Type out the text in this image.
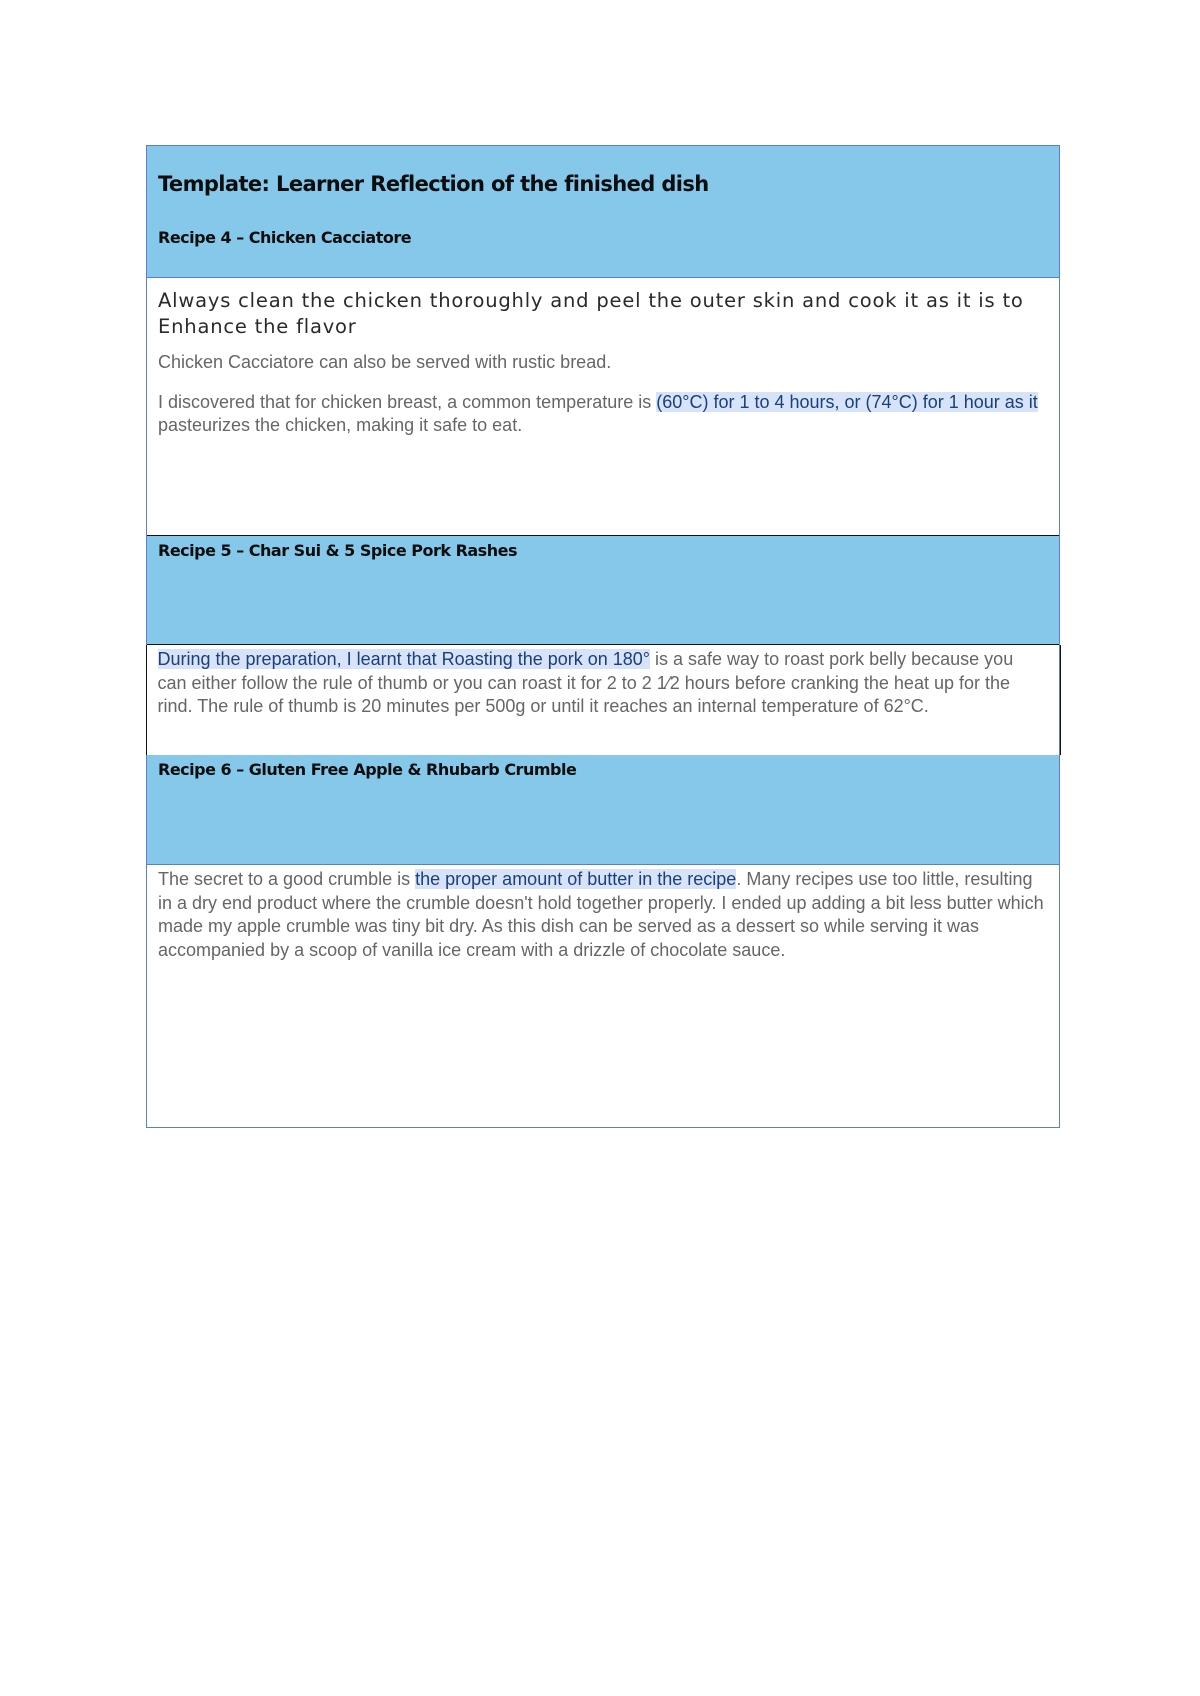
Template: Learner Reflection of the finished dish

Recipe 4 – Chicken Cacciatore

Always clean the chicken thoroughly and peel the outer skin and cook it as it is to Enhance the flavor

Chicken Cacciatore can also be served with rustic bread.

I discovered that for chicken breast, a common temperature is (60°C) for 1 to 4 hours, or (74°C) for 1 hour as it pasteurizes the chicken, making it safe to eat.

Recipe 5 – Char Sui & 5 Spice Pork Rashes

During the preparation, I learnt that Roasting the pork on 180° is a safe way to roast pork belly because you can either follow the rule of thumb or you can roast it for 2 to 2 1⁄2 hours before cranking the heat up for the rind. The rule of thumb is 20 minutes per 500g or until it reaches an internal temperature of 62°C.

Recipe 6 – Gluten Free Apple & Rhubarb Crumble

The secret to a good crumble is the proper amount of butter in the recipe. Many recipes use too little, resulting in a dry end product where the crumble doesn't hold together properly. I ended up adding a bit less butter which made my apple crumble was tiny bit dry. As this dish can be served as a dessert so while serving it was accompanied by a scoop of vanilla ice cream with a drizzle of chocolate sauce.
